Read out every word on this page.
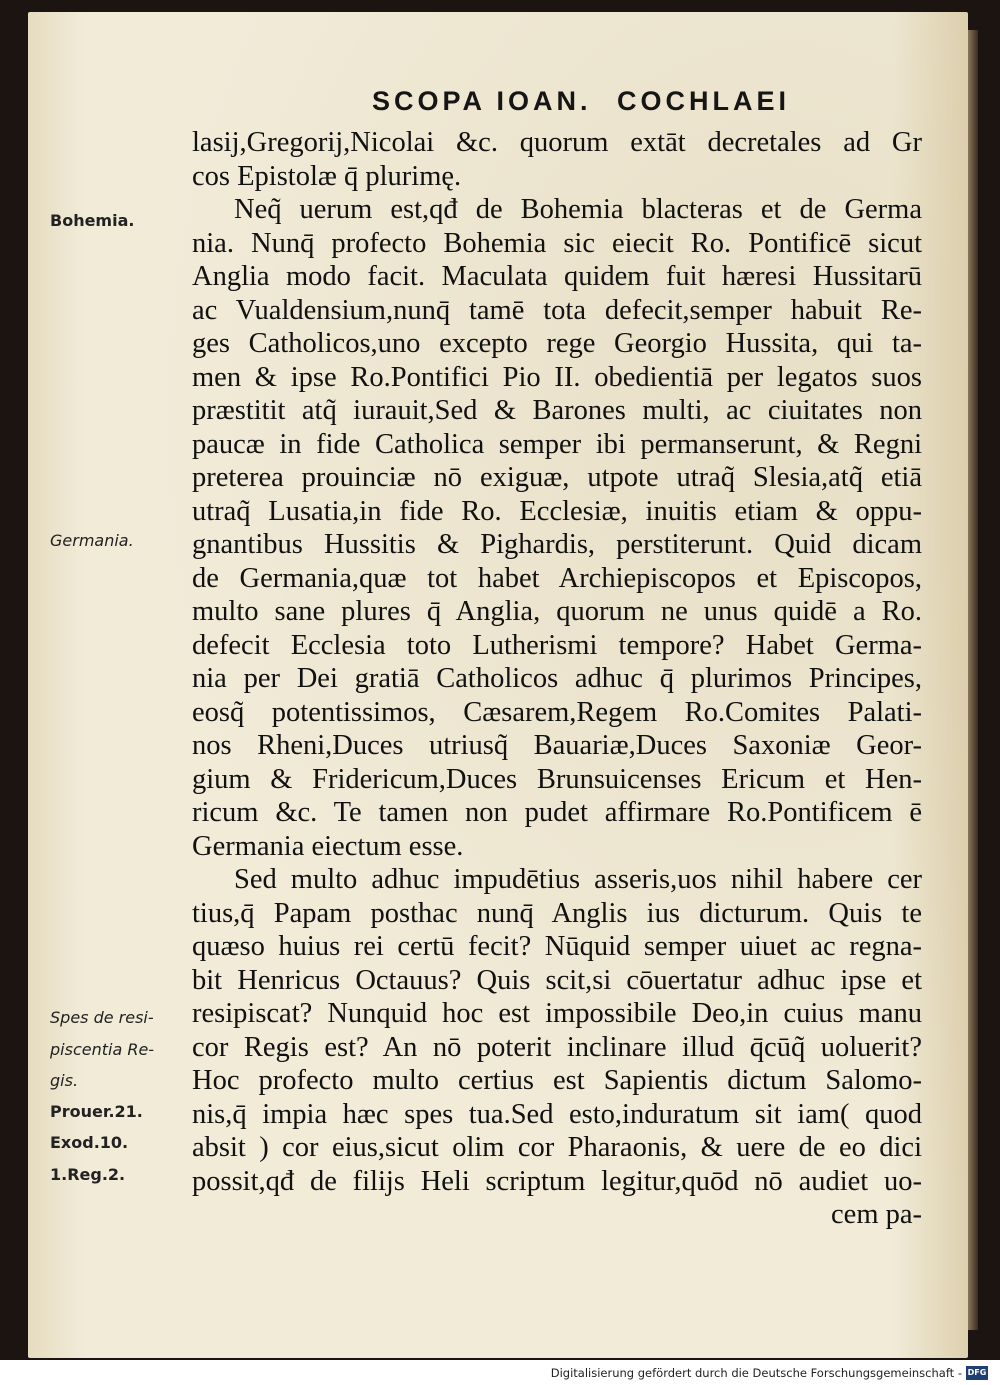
SCOPA IOAN. COCHLAEI
lasij,Gregorij,Nicolai &c. quorum extāt decretales ad Gr
cos Epistolæ q̄ plurimę.
Neq̃ uerum est,qđ de Bohemia blacteras et de Germa
nia. Nunq̄ profecto Bohemia sic eiecit Ro. Pontificē sicut
Anglia modo facit. Maculata quidem fuit hæresi Hussitarū
ac Vualdensium,nunq̄ tamē tota defecit,semper habuit Re-
ges Catholicos,uno excepto rege Georgio Hussita, qui ta-
men & ipse Ro.Pontifici Pio II. obedientiā per legatos suos
præstitit atq̃ iurauit,Sed & Barones multi, ac ciuitates non
paucæ in fide Catholica semper ibi permanserunt, & Regni
preterea prouinciæ nō exiguæ, utpote utraq̃ Slesia,atq̃ etiā
utraq̃ Lusatia,in fide Ro. Ecclesiæ, inuitis etiam & oppu-
gnantibus Hussitis & Pighardis, perstiterunt. Quid dicam
de Germania,quæ tot habet Archiepiscopos et Episcopos,
multo sane plures q̄ Anglia, quorum ne unus quidē a Ro.
defecit Ecclesia toto Lutherismi tempore? Habet Germa-
nia per Dei gratiā Catholicos adhuc q̄ plurimos Principes,
eosq̃ potentissimos, Cæsarem,Regem Ro.Comites Palati-
nos Rheni,Duces utriusq̃ Bauariæ,Duces Saxoniæ Geor-
gium & Fridericum,Duces Brunsuicenses Ericum et Hen-
ricum &c. Te tamen non pudet affirmare Ro.Pontificem ē
Germania eiectum esse.
Sed multo adhuc impudētius asseris,uos nihil habere cer
tius,q̄ Papam posthac nunq̄ Anglis ius dicturum. Quis te
quæso huius rei certū fecit? Nūquid semper uiuet ac regna-
bit Henricus Octauus? Quis scit,si cōuertatur adhuc ipse et
resipiscat? Nunquid hoc est impossibile Deo,in cuius manu
cor Regis est? An nō poterit inclinare illud q̄cūq̃ uoluerit?
Hoc profecto multo certius est Sapientis dictum Salomo-
nis,q̄ impia hæc spes tua.Sed esto,induratum sit iam( quod
absit ) cor eius,sicut olim cor Pharaonis, & uere de eo dici
possit,qđ de filijs Heli scriptum legitur,quōd nō audiet uo-
cem pa-
Bohemia.
Germania.
Spes de resi-
piscentia Re-
gis.
Prouer.21.
Exod.10.
1.Reg.2.
Digitalisierung gefördert durch die Deutsche Forschungsgemeinschaft - DFG
